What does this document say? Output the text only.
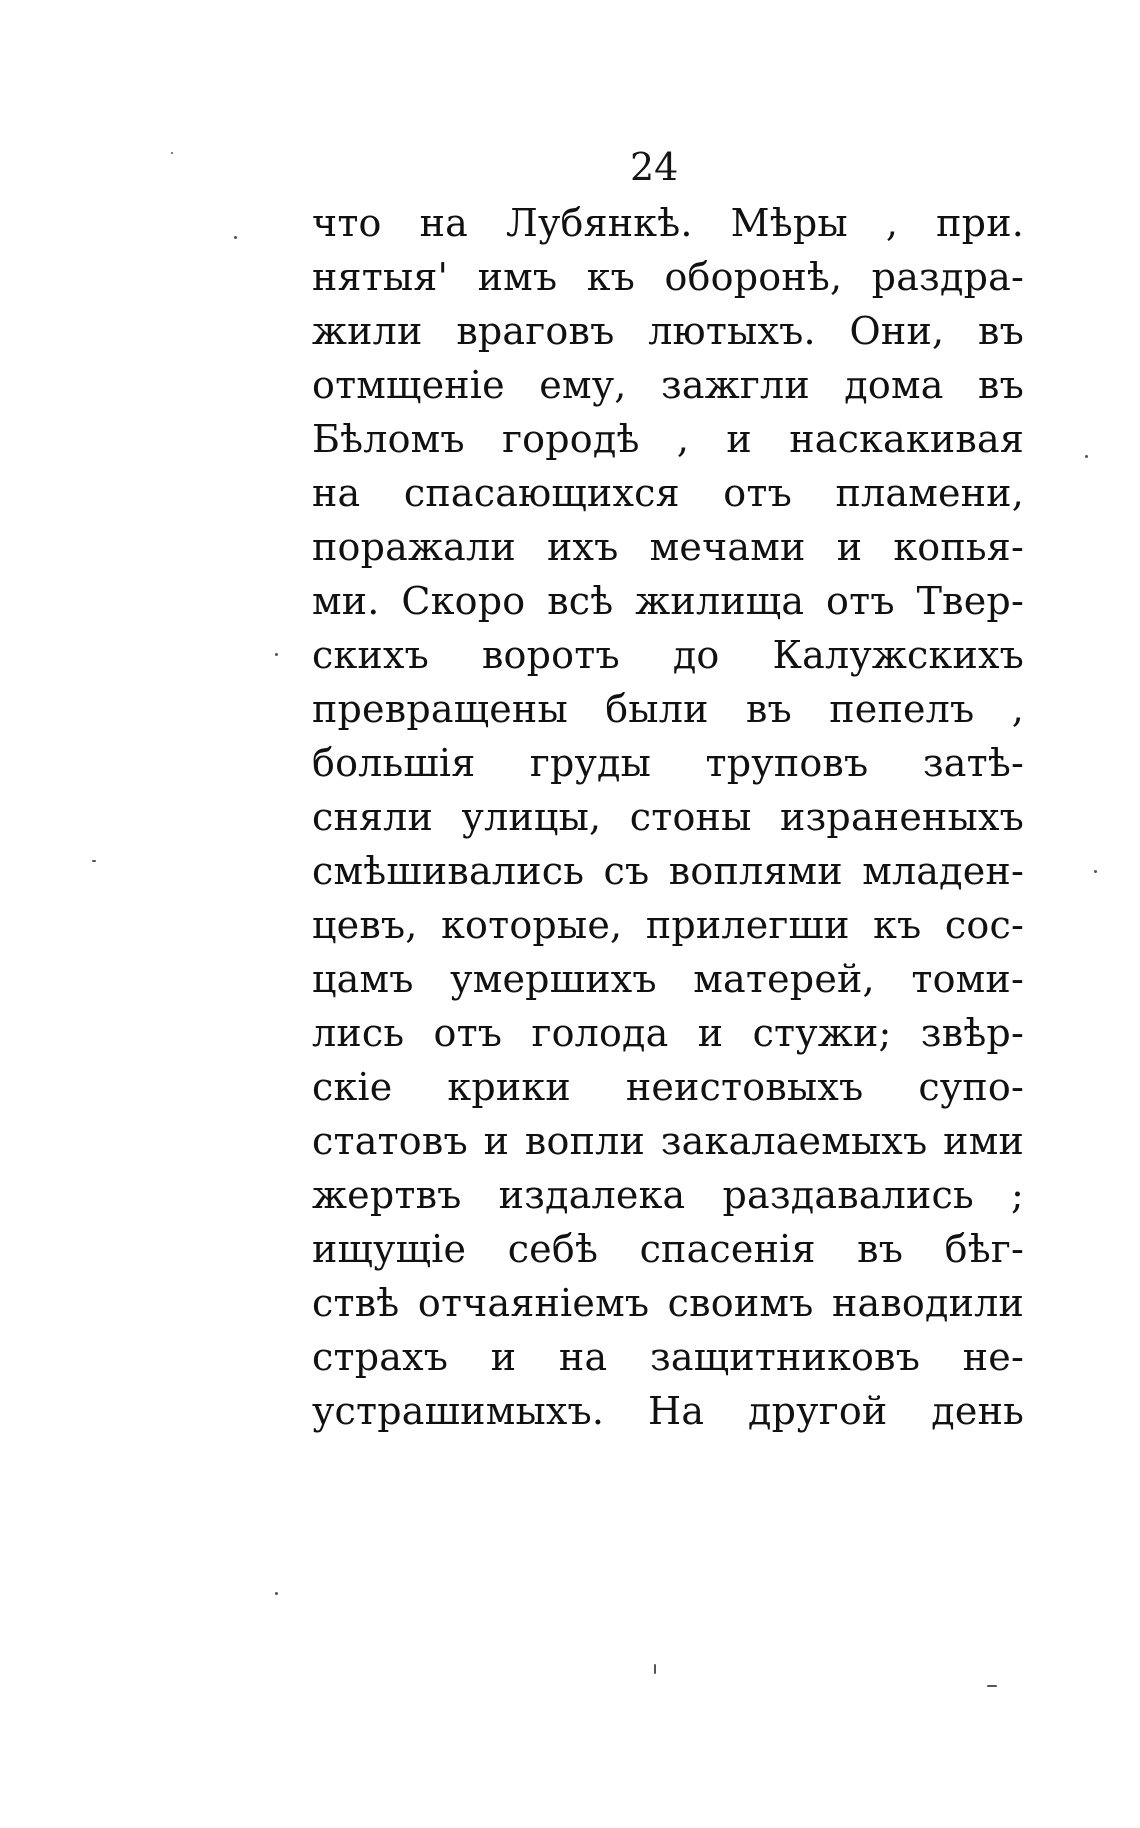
24
что на Лубянкѣ. Мѣры , при.
нятыя' имъ къ оборонѣ, раздра-
жили враговъ лютыхъ. Они, въ
отмщеніе ему, зажгли дома въ
Бѣломъ городѣ , и наскакивая
на спасающихся отъ пламени,
поражали ихъ мечами и копья-
ми. Скоро всѣ жилища отъ Твер-
скихъ воротъ до Калужскихъ
превращены были въ пепелъ ,
большія груды труповъ затѣ-
сняли улицы, стоны израненыхъ
смѣшивались съ воплями младен-
цевъ, которые, прилегши къ сос-
цамъ умершихъ матерей, томи-
лись отъ голода и стужи; звѣр-
скіе крики неистовыхъ супо-
статовъ и вопли закалаемыхъ ими
жертвъ издалека раздавались ;
ищущіе себѣ спасенія въ бѣг-
ствѣ отчаяніемъ своимъ наводили
страхъ и на защитниковъ не-
устрашимыхъ. На другой день
